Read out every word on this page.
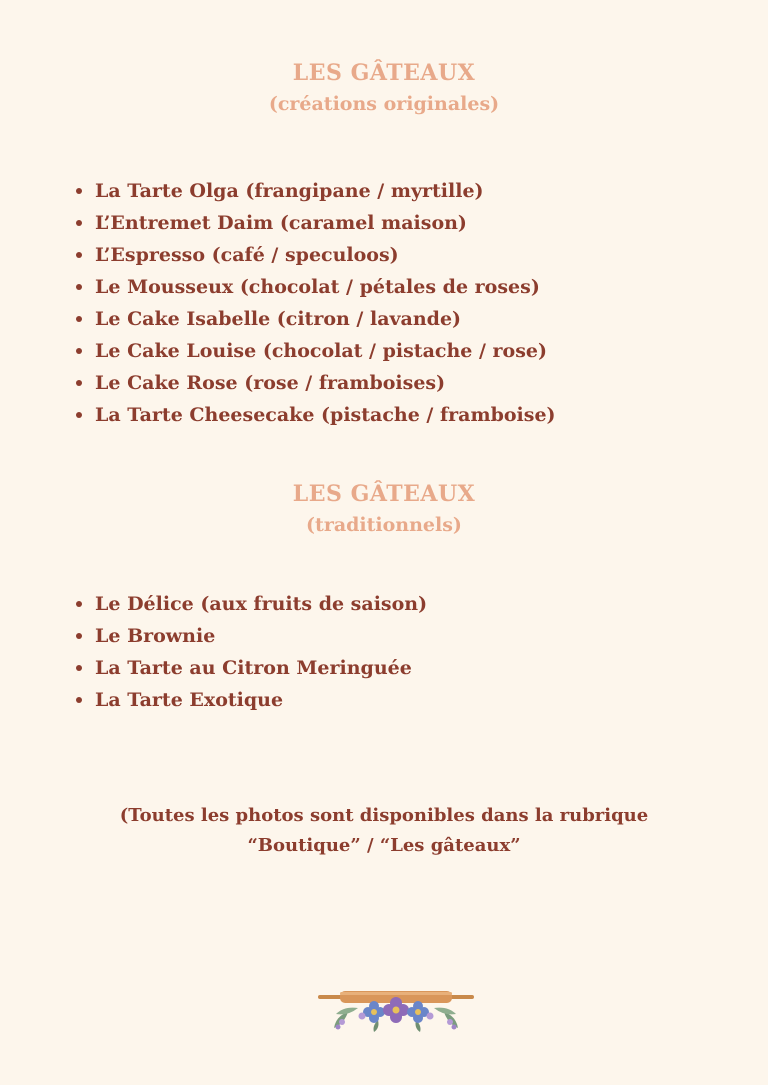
LES GÂTEAUX
(créations originales)
La Tarte Olga (frangipane / myrtille)
L’Entremet Daim (caramel maison)
L’Espresso (café / speculoos)
Le Mousseux (chocolat / pétales de roses)
Le Cake Isabelle (citron / lavande)
Le Cake Louise (chocolat / pistache / rose)
Le Cake Rose (rose / framboises)
La Tarte Cheesecake (pistache / framboise)
LES GÂTEAUX
(traditionnels)
Le Délice (aux fruits de saison)
Le Brownie
La Tarte au Citron Meringuée
La Tarte Exotique

(Toutes les photos sont disponibles dans la rubrique

“Boutique” / “Les gâteaux”
